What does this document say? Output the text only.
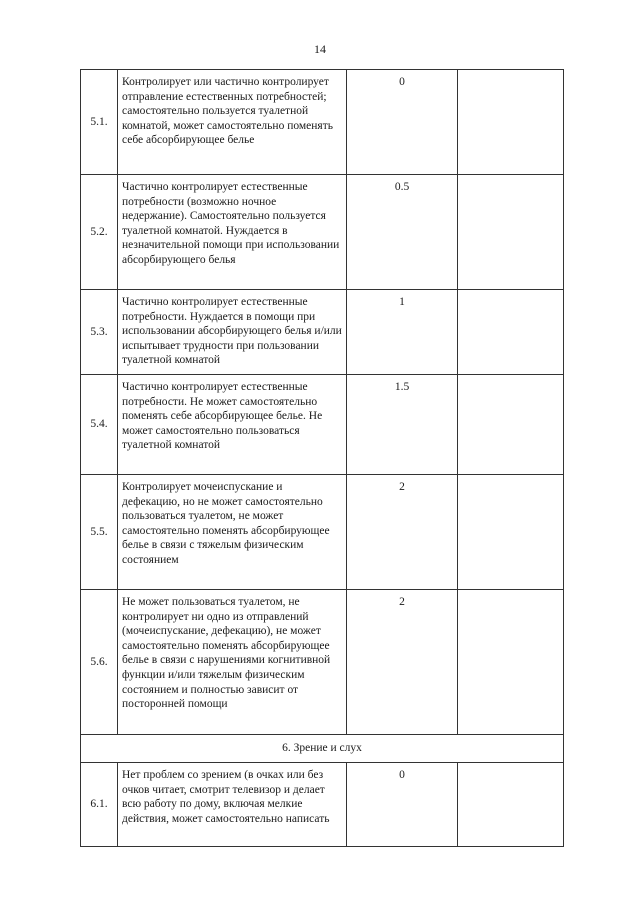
14
5.1.	Контролирует или частично контролирует отправление естественных потребностей; самостоятельно пользуется туалетной комнатой, может самостоятельно поменять себе абсорбирующее белье	0	
5.2.	Частично контролирует естественные потребности (возможно ночное недержание). Самостоятельно пользуется туалетной комнатой. Нуждается в незначительной помощи при использовании абсорбирующего белья	0.5	
5.3.	Частично контролирует естественные потребности. Нуждается в помощи при использовании абсорбирующего белья и/или испытывает трудности при пользовании туалетной комнатой	1	
5.4.	Частично контролирует естественные потребности. Не может самостоятельно поменять себе абсорбирующее белье. Не может самостоятельно пользоваться туалетной комнатой	1.5	
5.5.	Контролирует мочеиспускание и дефекацию, но не может самостоятельно пользоваться туалетом, не может самостоятельно поменять абсорбирующее белье в связи с тяжелым физическим состоянием	2	
5.6.	Не может пользоваться туалетом, не контролирует ни одно из отправлений (мочеиспускание, дефекацию), не может самостоятельно поменять абсорбирующее белье в связи с нарушениями когнитивной функции и/или тяжелым физическим состоянием и полностью зависит от посторонней помощи	2	
6. Зрение и слух			
6.1.	Нет проблем со зрением (в очках или без очков читает, смотрит телевизор и делает всю работу по дому, включая мелкие действия, может самостоятельно написать	0	
